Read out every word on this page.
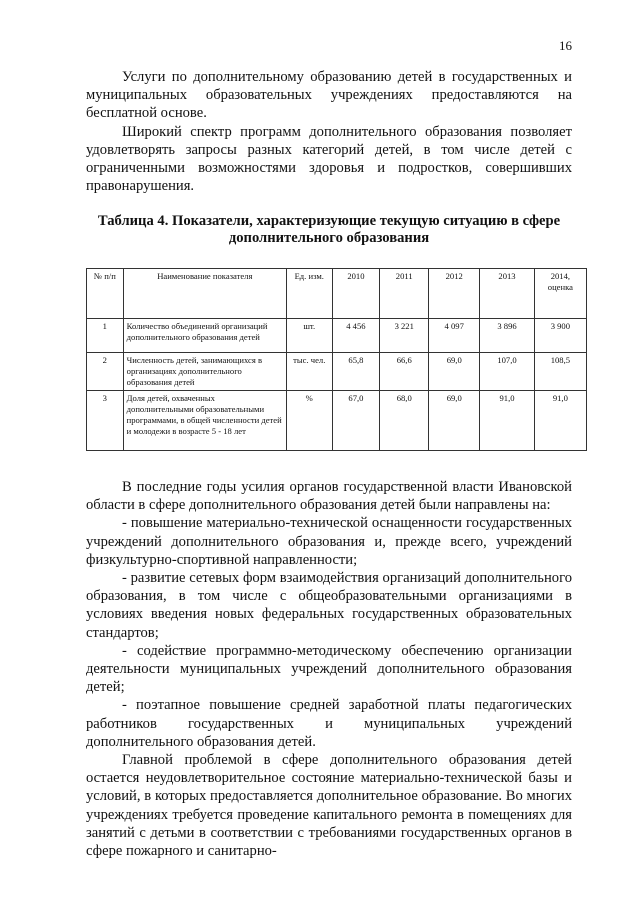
16

Услуги по дополнительному образованию детей в государственных и муниципальных образовательных учреждениях предоставляются на бесплатной основе.

Широкий спектр программ дополнительного образования позволяет удовлетворять запросы разных категорий детей, в том числе детей с ограниченными возможностями здоровья и подростков, совершивших правонарушения.

Таблица 4. Показатели, характеризующие текущую ситуацию в сфере дополнительного образования
№ п/п	Наименование показателя	Ед. изм.	2010	2011	2012	2013	2014, оценка
1	Количество объединений организаций дополнительного образования детей	шт.	4 456	3 221	4 097	3 896	3 900
2	Численность детей, занимающихся в организациях дополнительного образования детей	тыс. чел.	65,8	66,6	69,0	107,0	108,5
3	Доля детей, охваченных дополнительными образовательными программами, в общей численности детей и молодежи в возрасте 5 - 18 лет	%	67,0	68,0	69,0	91,0	91,0

В последние годы усилия органов государственной власти Ивановской области в сфере дополнительного образования детей были направлены на:

- повышение материально-технической оснащенности государственных учреждений дополнительного образования и, прежде всего, учреждений физкультурно-спортивной направленности;

- развитие сетевых форм взаимодействия организаций дополнительного образования, в том числе с общеобразовательными организациями в условиях введения новых федеральных государственных образовательных стандартов;

- содействие программно-методическому обеспечению организации деятельности муниципальных учреждений дополнительного образования детей;

- поэтапное повышение средней заработной платы педагогических работников государственных и муниципальных учреждений дополнительного образования детей.

Главной проблемой в сфере дополнительного образования детей остается неудовлетворительное состояние материально-технической базы и условий, в которых предоставляется дополнительное образование. Во многих учреждениях требуется проведение капитального ремонта в помещениях для занятий с детьми в соответствии с требованиями государственных органов в сфере пожарного и санитарно-
